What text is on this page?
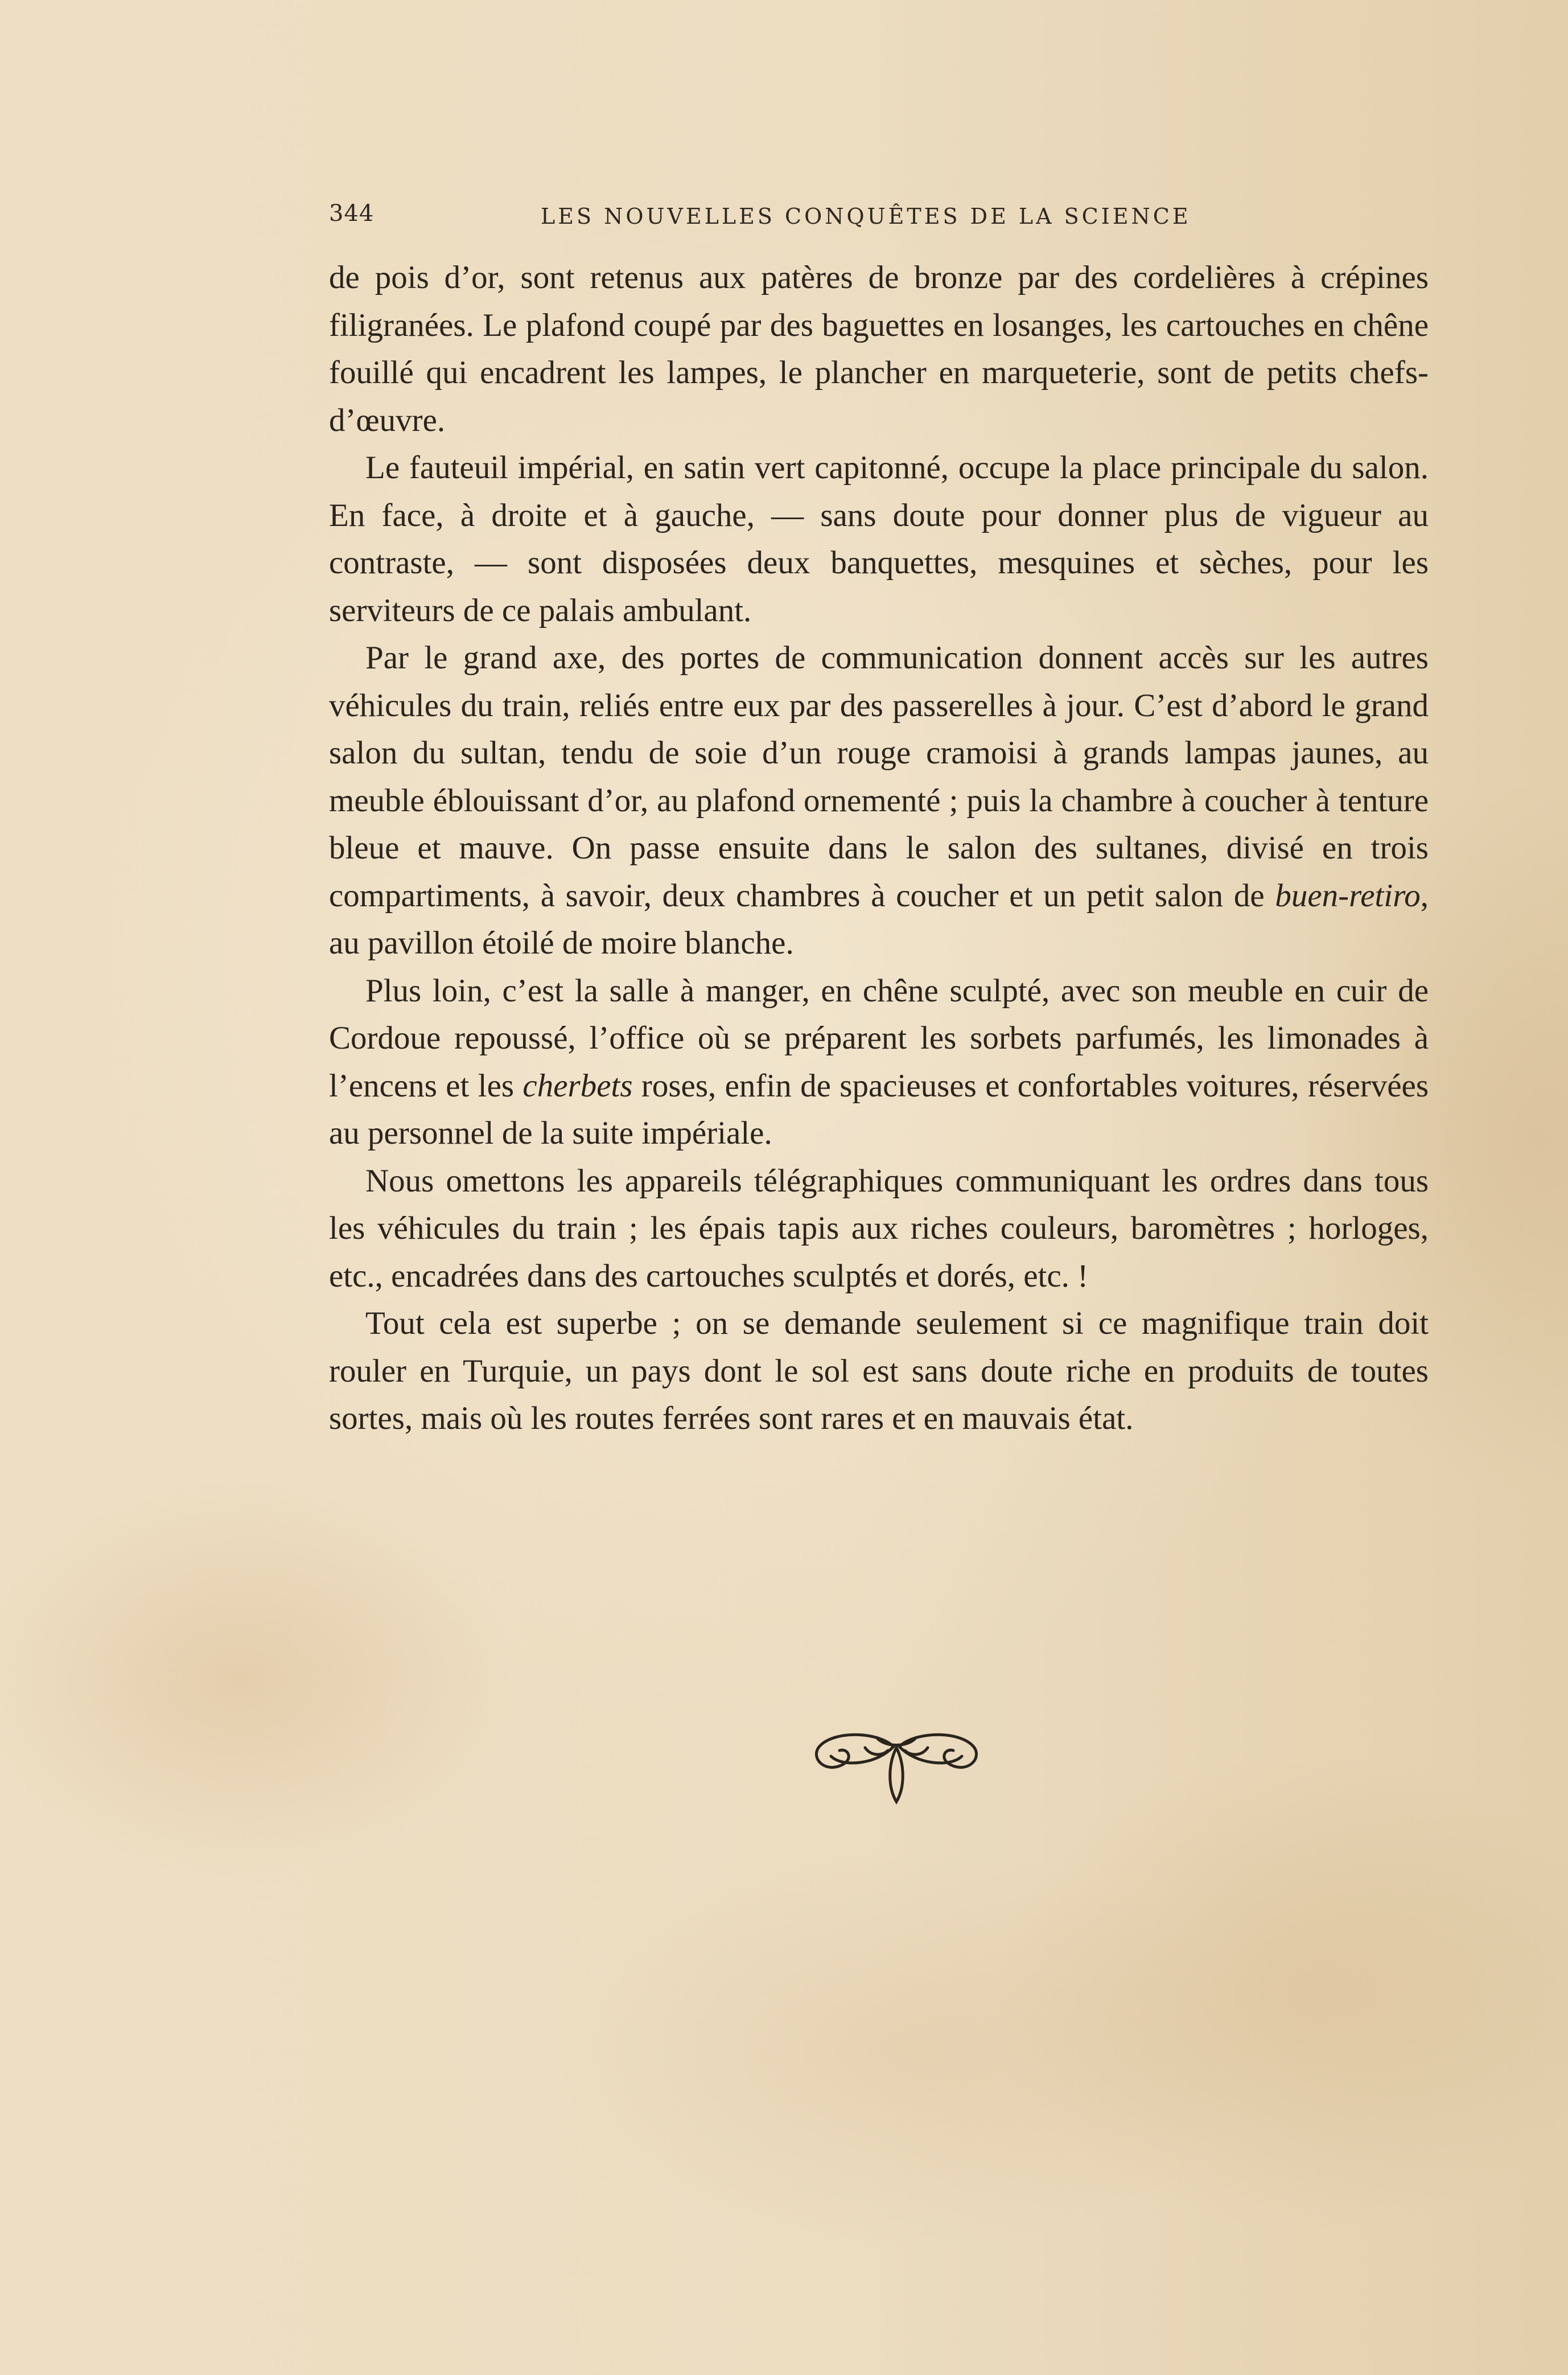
344	LES NOUVELLES CONQUÊTES DE LA SCIENCE

de pois d’or, sont retenus aux patères de bronze par des cordelières à crépines filigranées. Le plafond coupé par des baguettes en losanges, les cartouches en chêne fouillé qui encadrent les lampes, le plancher en marqueterie, sont de petits chefs-d’œuvre.

Le fauteuil impérial, en satin vert capitonné, occupe la place principale du salon. En face, à droite et à gauche, — sans doute pour donner plus de vigueur au contraste, — sont disposées deux banquettes, mesquines et sèches, pour les serviteurs de ce palais ambulant.

Par le grand axe, des portes de communication donnent accès sur les autres véhicules du train, reliés entre eux par des passerelles à jour. C’est d’abord le grand salon du sultan, tendu de soie d’un rouge cramoisi à grands lampas jaunes, au meuble éblouissant d’or, au plafond ornementé ; puis la chambre à coucher à tenture bleue et mauve. On passe ensuite dans le salon des sultanes, divisé en trois compartiments, à savoir, deux chambres à coucher et un petit salon de buen-retiro, au pavillon étoilé de moire blanche.

Plus loin, c’est la salle à manger, en chêne sculpté, avec son meuble en cuir de Cordoue repoussé, l’office où se préparent les sorbets parfumés, les limonades à l’encens et les cherbets roses, enfin de spacieuses et confortables voitures, réservées au personnel de la suite impériale.

Nous omettons les appareils télégraphiques communiquant les ordres dans tous les véhicules du train ; les épais tapis aux riches couleurs, baromètres ; horloges, etc., encadrées dans des cartouches sculptés et dorés, etc. !

Tout cela est superbe ; on se demande seulement si ce magnifique train doit rouler en Turquie, un pays dont le sol est sans doute riche en produits de toutes sortes, mais où les routes ferrées sont rares et en mauvais état.
